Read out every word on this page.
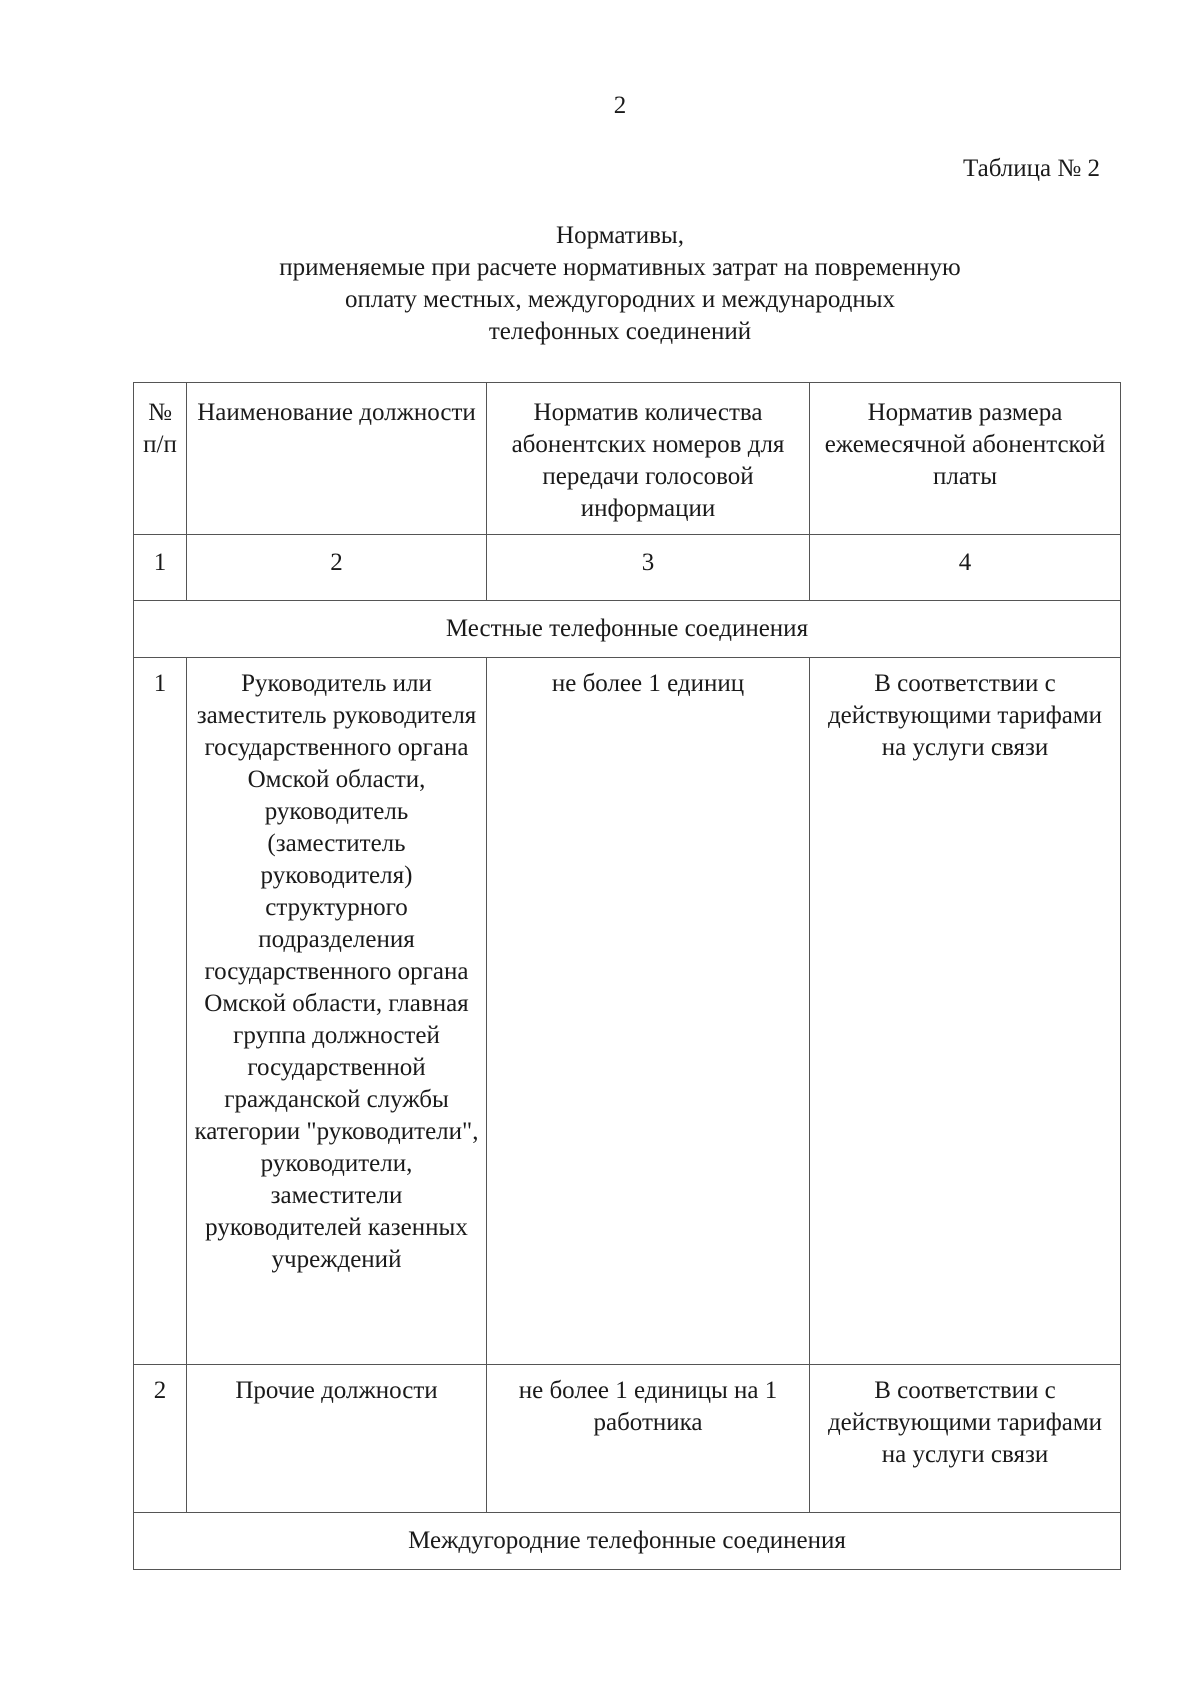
2
Таблица № 2
Нормативы,
применяемые при расчете нормативных затрат на повременную
оплату местных, междугородних и международных
телефонных соединений
№ п/п	Наименование должности	Норматив количества абонентских номеров для передачи голосовой информации	Норматив размера ежемесячной абонентской платы
1	2	3	4
Местные телефонные соединения			
1	Руководитель или заместитель руководителя государственного органа Омской области, руководитель (заместитель руководителя) структурного подразделения государственного органа Омской области, главная группа должностей государственной гражданской службы категории "руководители", руководители, заместители руководителей казенных учреждений	не более 1 единиц	В соответствии с действующими тарифами на услуги связи
2	Прочие должности	не более 1 единицы на 1 работника	В соответствии с действующими тарифами на услуги связи
Междугородние телефонные соединения			
